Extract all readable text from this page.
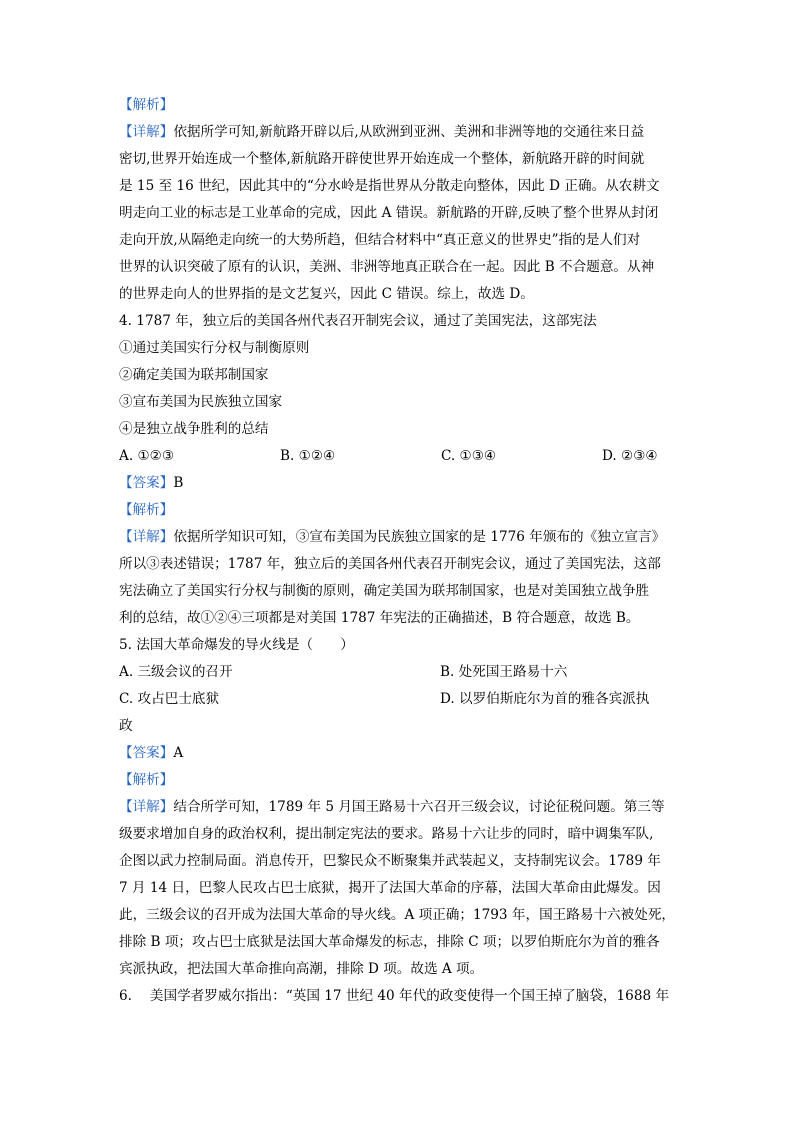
【解析】
【详解】依据所学可知,新航路开辟以后,从欧洲到亚洲、美洲和非洲等地的交通往来日益
密切,世界开始连成一个整体,新航路开辟使世界开始连成一个整体，新航路开辟的时间就
是 15 至 16 世纪，因此其中的“分水岭是指世界从分散走向整体，因此 D 正确。从农耕文
明走向工业的标志是工业革命的完成，因此 A 错误。新航路的开辟,反映了整个世界从封闭
走向开放,从隔绝走向统一的大势所趋，但结合材料中“真正意义的世界史”指的是人们对
世界的认识突破了原有的认识，美洲、非洲等地真正联合在一起。因此 B 不合题意。从神
的世界走向人的世界指的是文艺复兴，因此 C 错误。综上，故选 D。
4. 1787 年，独立后的美国各州代表召开制宪会议，通过了美国宪法，这部宪法
①通过美国实行分权与制衡原则
②确定美国为联邦制国家
③宣布美国为民族独立国家
④是独立战争胜利的总结
A. ①②③	B. ①②④	C. ①③④	D. ②③④
【答案】B
【解析】
【详解】依据所学知识可知，③宣布美国为民族独立国家的是 1776 年颁布的《独立宣言》
所以③表述错误；1787 年，独立后的美国各州代表召开制宪会议，通过了美国宪法，这部
宪法确立了美国实行分权与制衡的原则，确定美国为联邦制国家，也是对美国独立战争胜
利的总结，故①②④三项都是对美国 1787 年宪法的正确描述，B 符合题意，故选 B。
5. 法国大革命爆发的导火线是（　　）
A. 三级会议的召开	B. 处死国王路易十六
C. 攻占巴士底狱	D. 以罗伯斯庇尔为首的雅各宾派执
政
【答案】A
【解析】
【详解】结合所学可知，1789 年 5 月国王路易十六召开三级会议，讨论征税问题。第三等
级要求增加自身的政治权利，提出制定宪法的要求。路易十六让步的同时，暗中调集军队,
企图以武力控制局面。消息传开，巴黎民众不断聚集并武装起义，支持制宪议会。1789 年
7 月 14 日，巴黎人民攻占巴士底狱，揭开了法国大革命的序幕，法国大革命由此爆发。因
此，三级会议的召开成为法国大革命的导火线。A 项正确；1793 年，国王路易十六被处死，
排除 B 项；攻占巴士底狱是法国大革命爆发的标志，排除 C 项；以罗伯斯庇尔为首的雅各
宾派执政，把法国大革命推向高潮，排除 D 项。故选 A 项。
6.　 美国学者罗威尔指出：“英国 17 世纪 40 年代的政变使得一个国王掉了脑袋，1688 年
